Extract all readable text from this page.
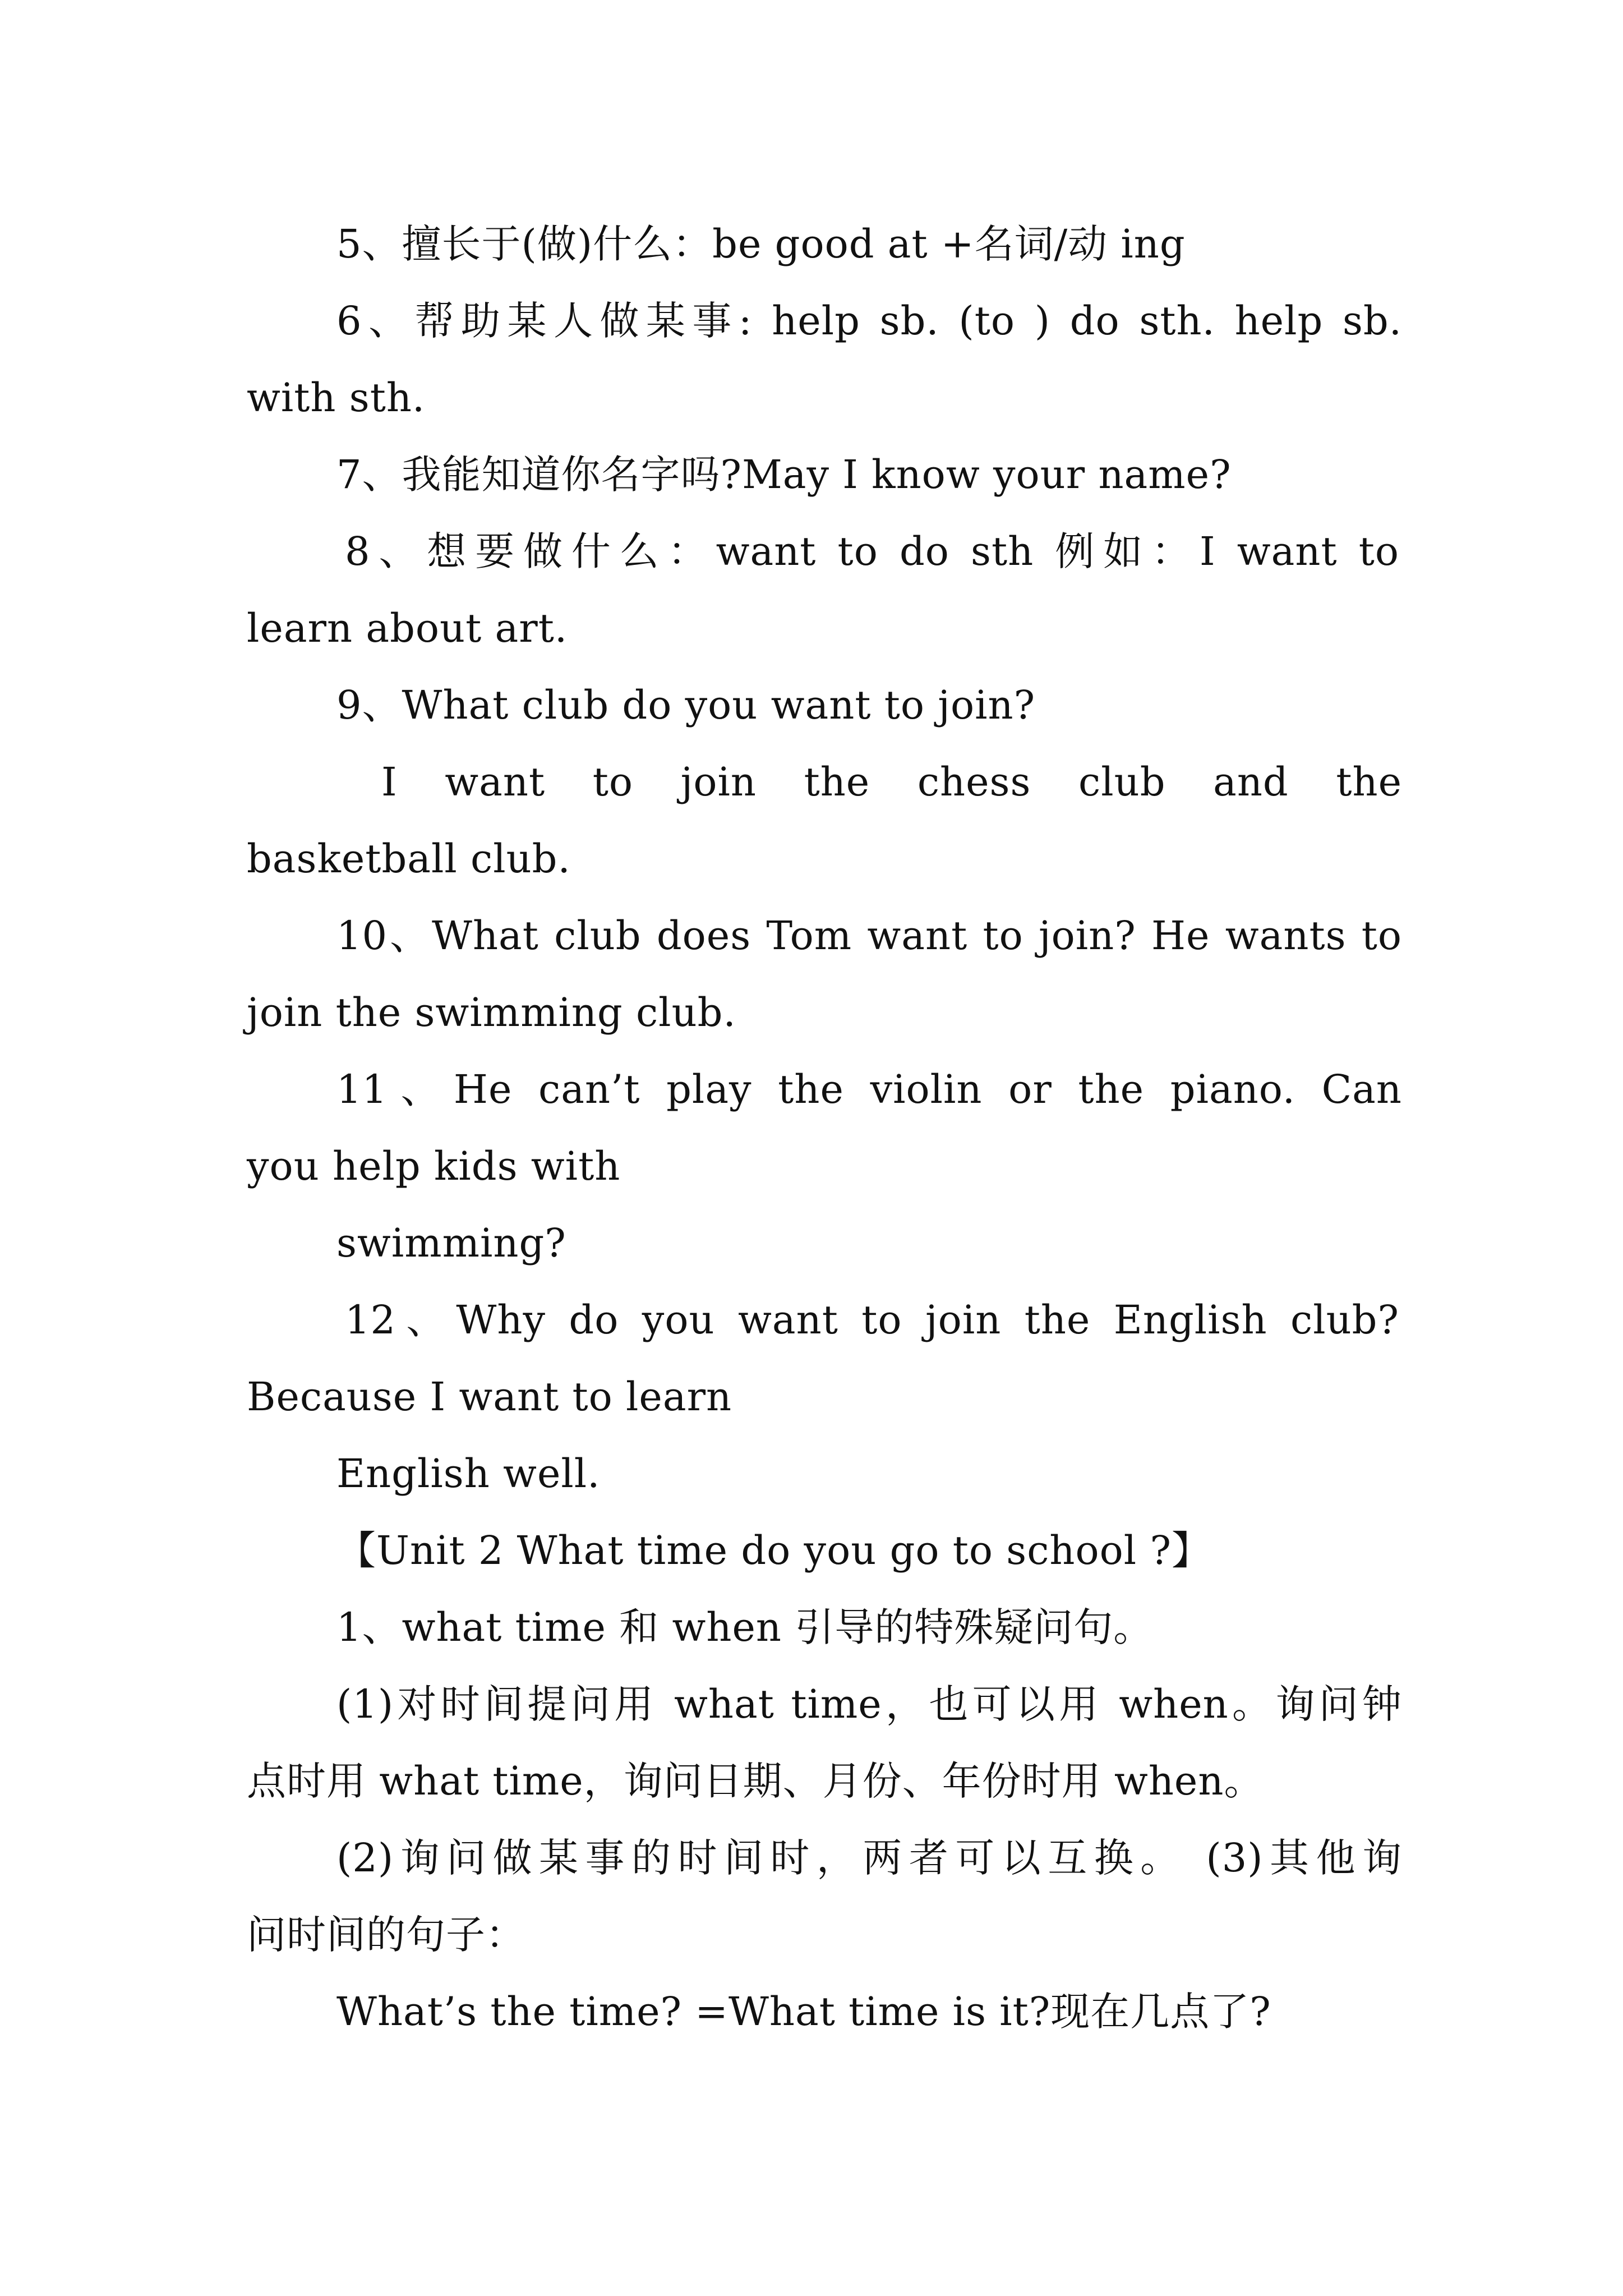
5、擅长于(做)什么：be good at +名词/动 ing
6、帮助某人做某事: help sb. (to ) do sth. help sb.
with sth.
7、我能知道你名字吗?May I know your name?
8、想要做什么：want to do sth 例如：I want to
learn about art.
9、What club do you want to join?
I want to join the chess club and the
basketball club.
10、What club does Tom want to join? He wants to
join the swimming club.
11、He can’t play the violin or the piano. Can
you help kids with
swimming?
12、Why do you want to join the English club?
Because I want to learn
English well.
【Unit 2 What time do you go to school ?】
1、what time 和 when 引导的特殊疑问句。
(1)对时间提问用 what time，也可以用 when。询问钟
点时用 what time，询问日期、月份、年份时用 when。
(2)询问做某事的时间时，两者可以互换。 (3)其他询
问时间的句子：
What’s the time? =What time is it?现在几点了?
